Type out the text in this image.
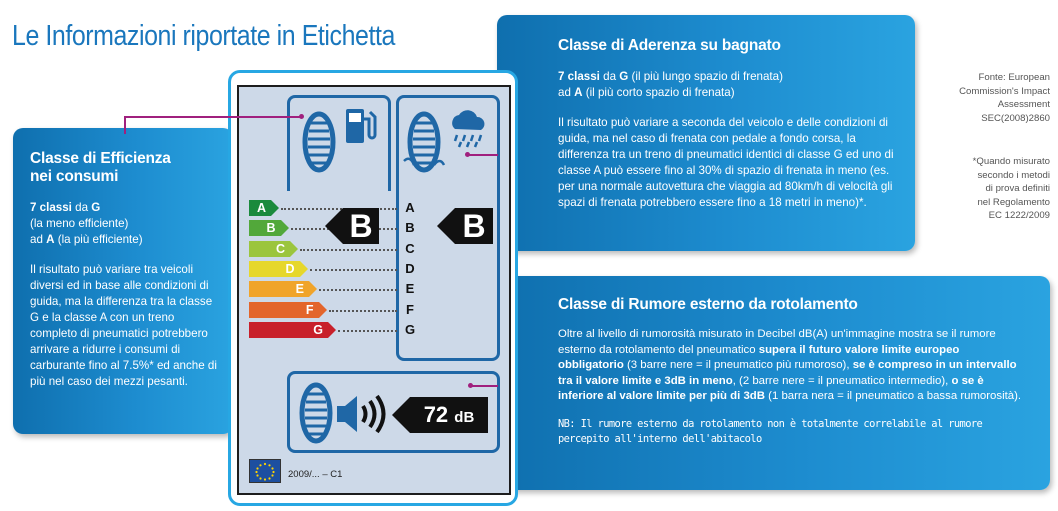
Le Informazioni riportate in Etichetta
Classe di Efficienza
nei consumi

7 classi da G
(la meno efficiente)
ad A (la più efficiente)

Il risultato può variare tra veicoli diversi ed in base alle condizioni di guida, ma la differenza tra la classe G e la classe A con un treno completo di pneumatici potrebbero arrivare a ridurre i consumi di carburante fino al 7.5%* ed anche di più nel caso dei mezzi pesanti.

Classe di Aderenza su bagnato

7 classi da G (il più lungo spazio di frenata)
ad A (il più corto spazio di frenata)

Il risultato può variare a seconda del veicolo e delle condizioni di guida, ma nel caso di frenata con pedale a fondo corsa, la differenza tra un treno di pneumatici identici di classe G ed uno di classe A può essere fino al 30% di spazio di frenata in meno (es. per una normale autovettura che viaggia ad 80km/h di velocità gli spazi di frenata potrebbero essere fino a 18 metri in meno)*.

Classe di Rumore esterno da rotolamento

Oltre al livello di rumorosità misurato in Decibel dB(A) un'immagine mostra se il rumore esterno da rotolamento del pneumatico supera il futuro valore limite europeo obbligatorio (3 barre nere = il pneumatico più rumoroso), se è compreso in un intervallo tra il valore limite e 3dB in meno, (2 barre nere = il pneumatico intermedio), o se è inferiore al valore limite per più di 3dB (1 barra nera = il pneumatico a bassa rumorosità).

NB: Il rumore esterno da rotolamento non è totalmente correlabile al rumore percepito all'interno dell'abitacolo

Fonte: European
Commission's Impact
Assessment
SEC(2008)2860
*Quando misurato
secondo i metodi
di prova definiti
nel Regolamento
EC 1222/2009
A
B
C
D
E
F
G
B
A
B
C
D
E
F
G
B
72 dB
2009/... – C1
